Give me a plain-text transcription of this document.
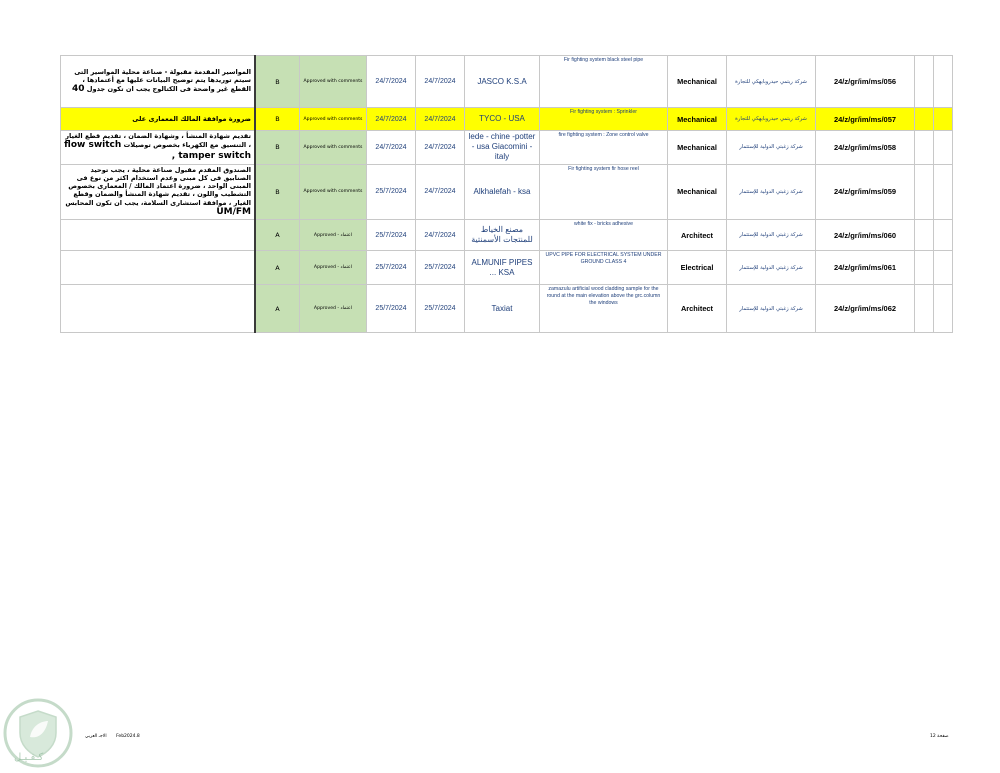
المواسير المقدمة مقبولة - صناعة محلية المواسير التى سيتم توريدها يتم توضيح البيانات عليها مع أعتمادها ، القطع غير واضحة فى الكتالوج يجب ان تكون جدول 40	B	Approved with comments	24/7/2024	24/7/2024	JASCO K.S.A	Fir fighting system black steel pipe	Mechanical	شركة ريتمي حيدروبايهكي للتجارة	24/z/gr/im/ms/056		
ضرورة موافقة المالك المعمارى على	B	Approved with comments	24/7/2024	24/7/2024	TYCO - USA	Fir fighting system : Sprinkler	Mechanical	شركة ريتمي حيدروبايهكي للتجارة	24/z/gr/im/ms/057		
تقديم شهادة المنشأ ، وشهادة الضمان ، تقديم قطع الغيار ، التنسيق مع الكهرباء بخصوص توصيلات flow switch , tamper switch	B	Approved with comments	24/7/2024	24/7/2024	lede - chine -potter - usa Giacomini - italy	fire fighting system : Zone control valve	Mechanical	شركة زغبتي الدولية للإستثمار	24/z/gr/im/ms/058		
الصندوق المقدم مقبول صناعة محلية ، يجب توحيد الصنابيق فى كل مبنى وعدم استخدام اكثر من نوع فى المبنى الواحد ، ضرورة اعتماد المالك / المعمارى بخصوص التشطيب واللون ، تقديم شهادة المنشأ والضمان وقطع الغيار ، موافقة استشارى السلامة، يجب ان تكون المحابس UM/FM	B	Approved with comments	25/7/2024	24/7/2024	Alkhalefah - ksa	Fir fighting system fir hose reel	Mechanical	شركة زغبتي الدولية للإستثمار	24/z/gr/im/ms/059		
	A	Approved - اعتماد	25/7/2024	24/7/2024	مصنع الخياط للمنتجات الأسمنتية	white fix - bricks adhesive	Architect	شركة زغبتي الدولية للإستثمار	24/z/gr/im/ms/060		
	A	Approved - اعتماد	25/7/2024	25/7/2024	ALMUNIF PIPES ... KSA	UPVC PIPE FOR ELECTRICAL SYSTEM UNDER GROUND CLASS 4	Electrical	شركة زغبتي الدولية للإستثمار	24/z/gr/im/ms/061		
	A	Approved - اعتماد	25/7/2024	25/7/2024	Taxiat	zamazulu artificial wood cladding sample for the round at the main elevation above the grc.column the windows	Architect	شركة زغبتي الدولية للإستثمار	24/z/gr/im/ms/062		
الاجـ العربي Feb2024.8	صفحة 12
كـفـيـل
